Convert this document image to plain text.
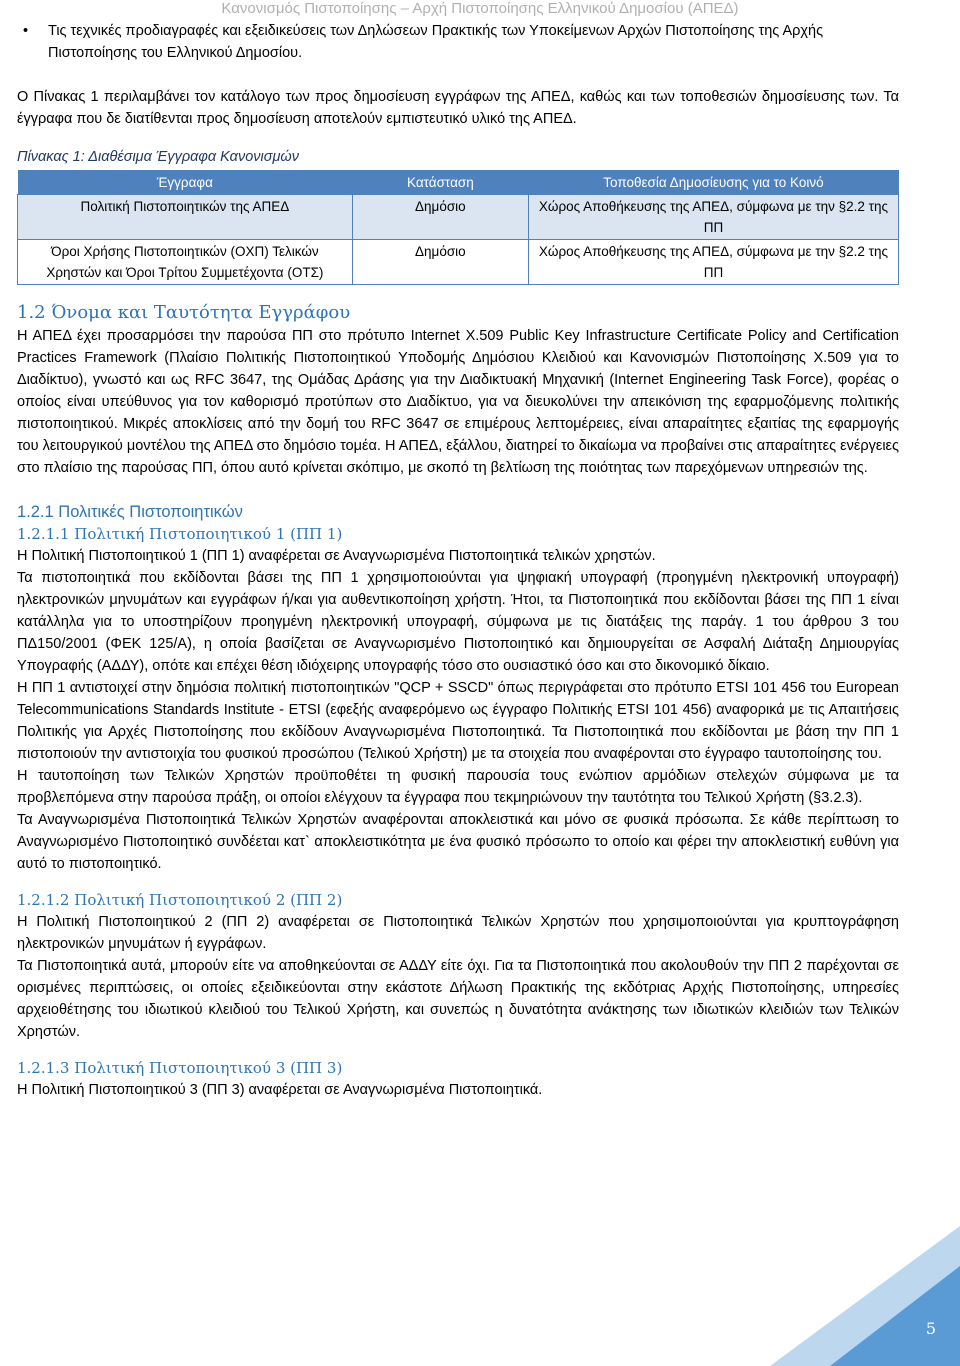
Κανονισμός Πιστοποίησης – Αρχή Πιστοποίησης Ελληνικού Δημοσίου (ΑΠΕΔ)
• Τις τεχνικές προδιαγραφές και εξειδικεύσεις των Δηλώσεων Πρακτικής των Υποκείμενων Αρχών Πιστοποίησης της Αρχής Πιστοποίησης του Ελληνικού Δημοσίου.

Ο Πίνακας 1 περιλαμβάνει τον κατάλογο των προς δημοσίευση εγγράφων της ΑΠΕΔ, καθώς και των τοποθεσιών δημοσίευσης των. Τα έγγραφα που δε διατίθενται προς δημοσίευση αποτελούν εμπιστευτικό υλικό της ΑΠΕΔ.

Πίνακας 1: Διαθέσιμα Έγγραφα Κανονισμών
Έγγραφα	Κατάσταση	Τοποθεσία Δημοσίευσης για το Κοινό
Πολιτική Πιστοποιητικών της ΑΠΕΔ	Δημόσιο	Χώρος Αποθήκευσης της ΑΠΕΔ, σύμφωνα με την §2.2 της ΠΠ
Όροι Χρήσης Πιστοποιητικών (ΟΧΠ) Τελικών Χρηστών και Όροι Τρίτου Συμμετέχοντα (ΟΤΣ)	Δημόσιο	Χώρος Αποθήκευσης της ΑΠΕΔ, σύμφωνα με την §2.2 της ΠΠ
1.2 Όνομα και Ταυτότητα Εγγράφου

Η ΑΠΕΔ έχει προσαρμόσει την παρούσα ΠΠ στο πρότυπο Internet X.509 Public Key Infrastructure Certificate Policy and Certification Practices Framework (Πλαίσιο Πολιτικής Πιστοποιητικού Υποδομής Δημόσιου Κλειδιού και Κανονισμών Πιστοποίησης X.509 για το Διαδίκτυο), γνωστό και ως RFC 3647, της Ομάδας Δράσης για την Διαδικτυακή Μηχανική (Internet Engineering Task Force), φορέας ο οποίος είναι υπεύθυνος για τον καθορισμό προτύπων στο Διαδίκτυο, για να διευκολύνει την απεικόνιση της εφαρμοζόμενης πολιτικής πιστοποιητικού. Μικρές αποκλίσεις από την δομή του RFC 3647 σε επιμέρους λεπτομέρειες, είναι απαραίτητες εξαιτίας της εφαρμογής του λειτουργικού μοντέλου της ΑΠΕΔ στο δημόσιο τομέα. Η ΑΠΕΔ, εξάλλου, διατηρεί το δικαίωμα να προβαίνει στις απαραίτητες ενέργειες στο πλαίσιο της παρούσας ΠΠ, όπου αυτό κρίνεται σκόπιμο, με σκοπό τη βελτίωση της ποιότητας των παρεχόμενων υπηρεσιών της.

1.2.1 Πολιτικές Πιστοποιητικών
1.2.1.1 Πολιτική Πιστοποιητικού 1 (ΠΠ 1)

Η Πολιτική Πιστοποιητικού 1 (ΠΠ 1) αναφέρεται σε Αναγνωρισμένα Πιστοποιητικά τελικών χρηστών.

Τα πιστοποιητικά που εκδίδονται βάσει της ΠΠ 1 χρησιμοποιούνται για ψηφιακή υπογραφή (προηγμένη ηλεκτρονική υπογραφή) ηλεκτρονικών μηνυμάτων και εγγράφων ή/και για αυθεντικοποίηση χρήστη. Ήτοι, τα Πιστοποιητικά που εκδίδονται βάσει της ΠΠ 1 είναι κατάλληλα για το υποστηρίζουν προηγμένη ηλεκτρονική υπογραφή, σύμφωνα με τις διατάξεις της παράγ. 1 του άρθρου 3 του ΠΔ150/2001 (ΦΕΚ 125/Α), η οποία βασίζεται σε Αναγνωρισμένο Πιστοποιητικό και δημιουργείται σε Ασφαλή Διάταξη Δημιουργίας Υπογραφής (ΑΔΔΥ), οπότε και επέχει θέση ιδιόχειρης υπογραφής τόσο στο ουσιαστικό όσο και στο δικονομικό δίκαιο.

Η ΠΠ 1 αντιστοιχεί στην δημόσια πολιτική πιστοποιητικών "QCP + SSCD" όπως περιγράφεται στο πρότυπο ETSI 101 456 του European Telecommunications Standards Institute - ETSI (εφεξής αναφερόμενο ως έγγραφο Πολιτικής ETSI 101 456) αναφορικά με τις Απαιτήσεις Πολιτικής για Αρχές Πιστοποίησης που εκδίδουν Αναγνωρισμένα Πιστοποιητικά. Τα Πιστοποιητικά που εκδίδονται με βάση την ΠΠ 1 πιστοποιούν την αντιστοιχία του φυσικού προσώπου (Τελικού Χρήστη) με τα στοιχεία που αναφέρονται στο έγγραφο ταυτοποίησης του.

Η ταυτοποίηση των Τελικών Χρηστών προϋποθέτει τη φυσική παρουσία τους ενώπιον αρμόδιων στελεχών σύμφωνα με τα προβλεπόμενα στην παρούσα πράξη, οι οποίοι ελέγχουν τα έγγραφα που τεκμηριώνουν την ταυτότητα του Τελικού Χρήστη (§3.2.3).

Τα Αναγνωρισμένα Πιστοποιητικά Τελικών Χρηστών αναφέρονται αποκλειστικά και μόνο σε φυσικά πρόσωπα. Σε κάθε περίπτωση το Αναγνωρισμένο Πιστοποιητικό συνδέεται κατ` αποκλειστικότητα με ένα φυσικό πρόσωπο το οποίο και φέρει την αποκλειστική ευθύνη για αυτό το πιστοποιητικό.

1.2.1.2 Πολιτική Πιστοποιητικού 2 (ΠΠ 2)

Η Πολιτική Πιστοποιητικού 2 (ΠΠ 2) αναφέρεται σε Πιστοποιητικά Τελικών Χρηστών που χρησιμοποιούνται για κρυπτογράφηση ηλεκτρονικών μηνυμάτων ή εγγράφων.

Τα Πιστοποιητικά αυτά, μπορούν είτε να αποθηκεύονται σε ΑΔΔΥ είτε όχι. Για τα Πιστοποιητικά που ακολουθούν την ΠΠ 2 παρέχονται σε ορισμένες περιπτώσεις, οι οποίες εξειδικεύονται στην εκάστοτε Δήλωση Πρακτικής της εκδότριας Αρχής Πιστοποίησης, υπηρεσίες αρχειοθέτησης του ιδιωτικού κλειδιού του Τελικού Χρήστη, και συνεπώς η δυνατότητα ανάκτησης των ιδιωτικών κλειδιών των Τελικών Χρηστών.

1.2.1.3 Πολιτική Πιστοποιητικού 3 (ΠΠ 3)

Η Πολιτική Πιστοποιητικού 3 (ΠΠ 3) αναφέρεται σε Αναγνωρισμένα Πιστοποιητικά.

5
